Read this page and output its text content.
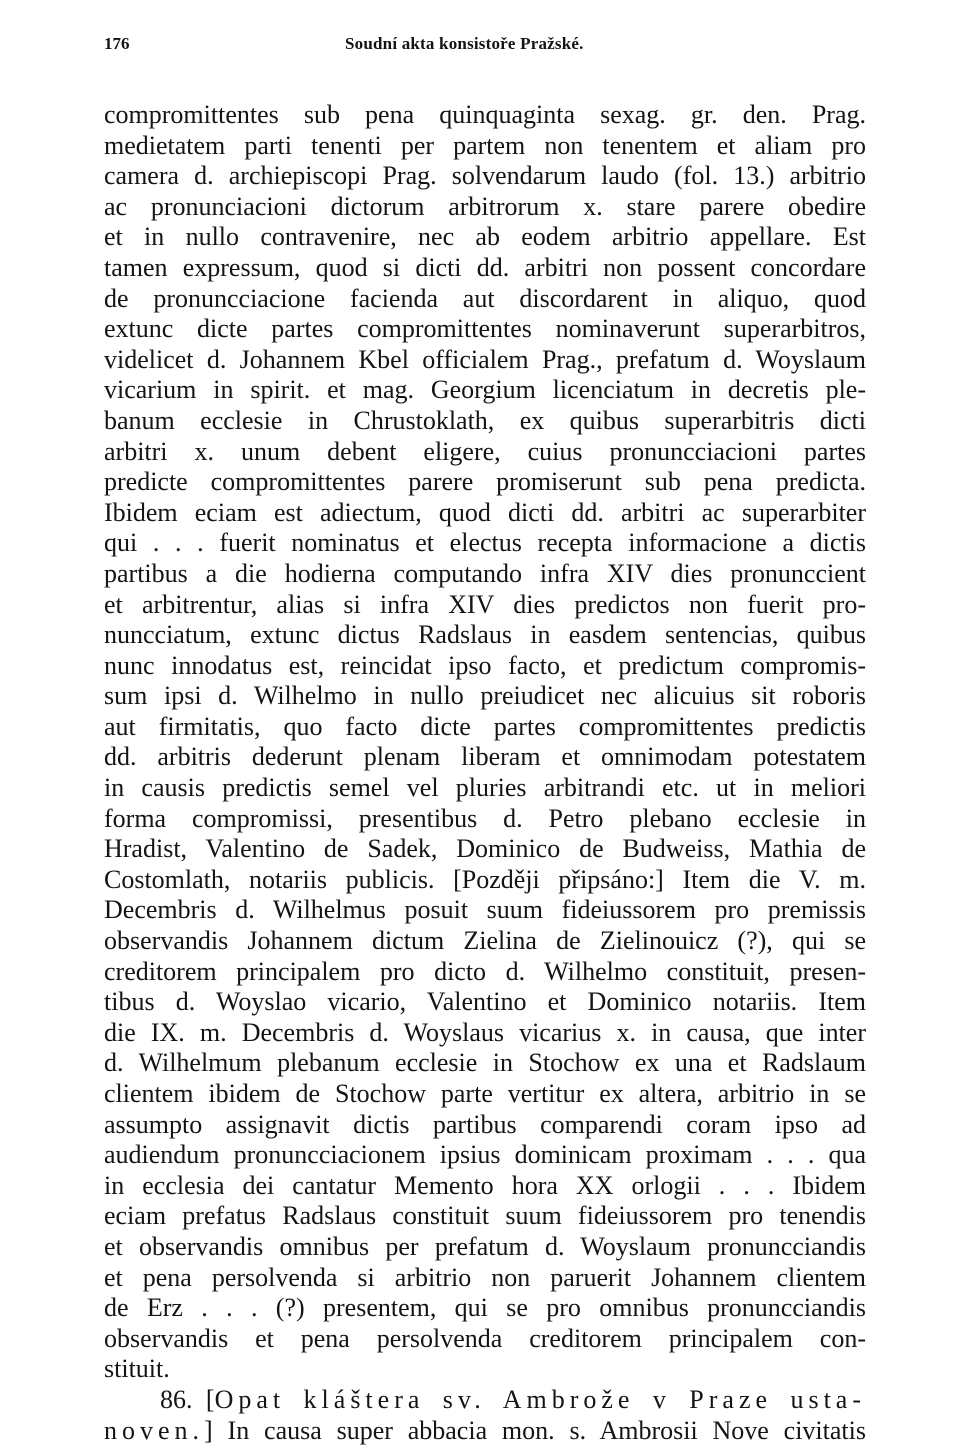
176	Soudní akta konsistoře Pražské.
compromittentes sub pena quinquaginta sexag. gr. den. Prag.
medietatem parti tenenti per partem non tenentem et aliam pro
camera d. archiepiscopi Prag. solvendarum laudo (fol. 13.) arbitrio
ac pronunciacioni dictorum arbitrorum x. stare parere obedire
et in nullo contravenire, nec ab eodem arbitrio appellare. Est
tamen expressum, quod si dicti dd. arbitri non possent concordare
de pronuncciacione facienda aut discordarent in aliquo, quod
extunc dicte partes compromittentes nominaverunt superarbitros,
videlicet d. Johannem Kbel officialem Prag., prefatum d. Woyslaum
vicarium in spirit. et mag. Georgium licenciatum in decretis ple-
banum ecclesie in Chrustoklath, ex quibus superarbitris dicti
arbitri x. unum debent eligere, cuius pronuncciacioni partes
predicte compromittentes parere promiserunt sub pena predicta.
Ibidem eciam est adiectum, quod dicti dd. arbitri ac superarbiter
qui . . . fuerit nominatus et electus recepta informacione a dictis
partibus a die hodierna computando infra XIV dies pronunccient
et arbitrentur, alias si infra XIV dies predictos non fuerit pro-
nuncciatum, extunc dictus Radslaus in easdem sentencias, quibus
nunc innodatus est, reincidat ipso facto, et predictum compromis-
sum ipsi d. Wilhelmo in nullo preiudicet nec alicuius sit roboris
aut firmitatis, quo facto dicte partes compromittentes predictis
dd. arbitris dederunt plenam liberam et omnimodam potestatem
in causis predictis semel vel pluries arbitrandi etc. ut in meliori
forma compromissi, presentibus d. Petro plebano ecclesie in
Hradist, Valentino de Sadek, Dominico de Budweiss, Mathia de
Costomlath, notariis publicis. [Později připsáno:] Item die V. m.
Decembris d. Wilhelmus posuit suum fideiussorem pro premissis
observandis Johannem dictum Zielina de Zielinouicz (?), qui se
creditorem principalem pro dicto d. Wilhelmo constituit, presen-
tibus d. Woyslao vicario, Valentino et Dominico notariis. Item
die IX. m. Decembris d. Woyslaus vicarius x. in causa, que inter
d. Wilhelmum plebanum ecclesie in Stochow ex una et Radslaum
clientem ibidem de Stochow parte vertitur ex altera, arbitrio in se
assumpto assignavit dictis partibus comparendi coram ipso ad
audiendum pronuncciacionem ipsius dominicam proximam . . . qua
in ecclesia dei cantatur Memento hora XX orlogii . . . Ibidem
eciam prefatus Radslaus constituit suum fideiussorem pro tenendis
et observandis omnibus per prefatum d. Woyslaum pronuncciandis
et pena persolvenda si arbitrio non paruerit Johannem clientem
de Erz . . . (?) presentem, qui se pro omnibus pronuncciandis
observandis et pena persolvenda creditorem principalem con-
stituit.
86. [Opat kláštera sv. Ambrože v Praze usta-
noven.] In causa super abbacia mon. s. Ambrosii Nove civitatis
